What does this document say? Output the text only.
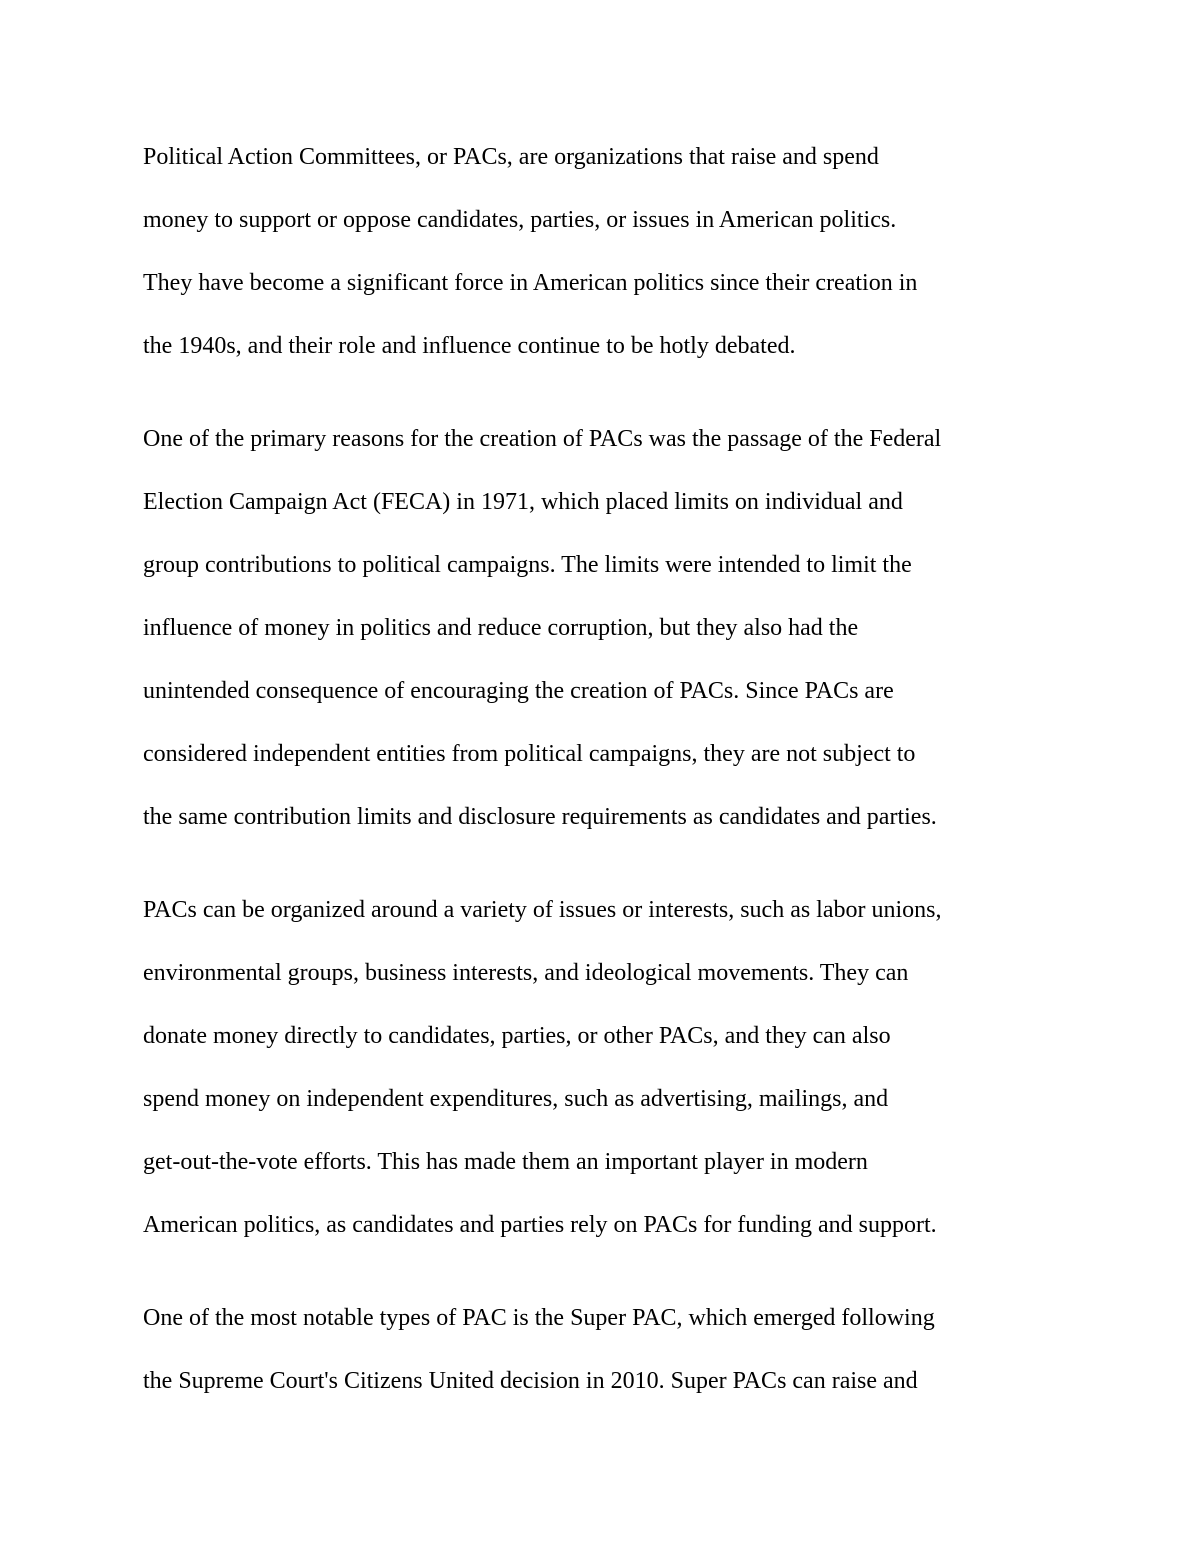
Political Action Committees, or PACs, are organizations that raise and spend
money to support or oppose candidates, parties, or issues in American politics.
They have become a significant force in American politics since their creation in
the 1940s, and their role and influence continue to be hotly debated.

One of the primary reasons for the creation of PACs was the passage of the Federal
Election Campaign Act (FECA) in 1971, which placed limits on individual and
group contributions to political campaigns. The limits were intended to limit the
influence of money in politics and reduce corruption, but they also had the
unintended consequence of encouraging the creation of PACs. Since PACs are
considered independent entities from political campaigns, they are not subject to
the same contribution limits and disclosure requirements as candidates and parties.

PACs can be organized around a variety of issues or interests, such as labor unions,
environmental groups, business interests, and ideological movements. They can
donate money directly to candidates, parties, or other PACs, and they can also
spend money on independent expenditures, such as advertising, mailings, and
get-out-the-vote efforts. This has made them an important player in modern
American politics, as candidates and parties rely on PACs for funding and support.

One of the most notable types of PAC is the Super PAC, which emerged following
the Supreme Court's Citizens United decision in 2010. Super PACs can raise and
